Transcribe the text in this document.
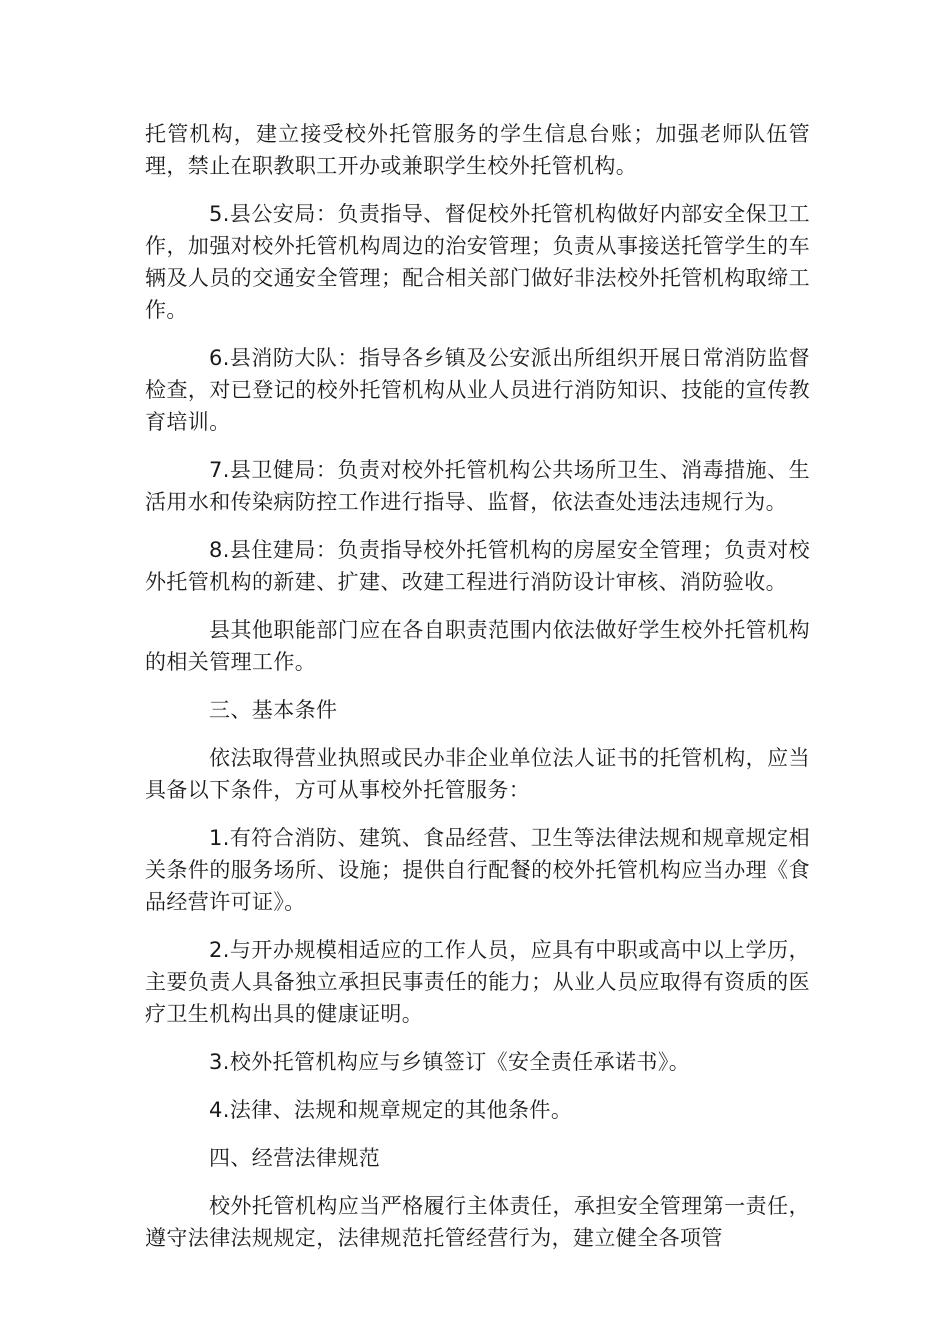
托管机构，建立接受校外托管服务的学生信息台账；加强老师队伍管理，禁止在职教职工开办或兼职学生校外托管机构。

5.县公安局：负责指导、督促校外托管机构做好内部安全保卫工作，加强对校外托管机构周边的治安管理；负责从事接送托管学生的车辆及人员的交通安全管理；配合相关部门做好非法校外托管机构取缔工作。

6.县消防大队：指导各乡镇及公安派出所组织开展日常消防监督检查，对已登记的校外托管机构从业人员进行消防知识、技能的宣传教育培训。

7.县卫健局：负责对校外托管机构公共场所卫生、消毒措施、生活用水和传染病防控工作进行指导、监督，依法查处违法违规行为。

8.县住建局：负责指导校外托管机构的房屋安全管理；负责对校外托管机构的新建、扩建、改建工程进行消防设计审核、消防验收。

县其他职能部门应在各自职责范围内依法做好学生校外托管机构的相关管理工作。

三、基本条件

依法取得营业执照或民办非企业单位法人证书的托管机构，应当具备以下条件，方可从事校外托管服务：

1.有符合消防、建筑、食品经营、卫生等法律法规和规章规定相关条件的服务场所、设施；提供自行配餐的校外托管机构应当办理《食品经营许可证》。

2.与开办规模相适应的工作人员，应具有中职或高中以上学历，主要负责人具备独立承担民事责任的能力；从业人员应取得有资质的医疗卫生机构出具的健康证明。

3.校外托管机构应与乡镇签订《安全责任承诺书》。

4.法律、法规和规章规定的其他条件。

四、经营法律规范

校外托管机构应当严格履行主体责任，承担安全管理第一责任，遵守法律法规规定，法律规范托管经营行为，建立健全各项管
